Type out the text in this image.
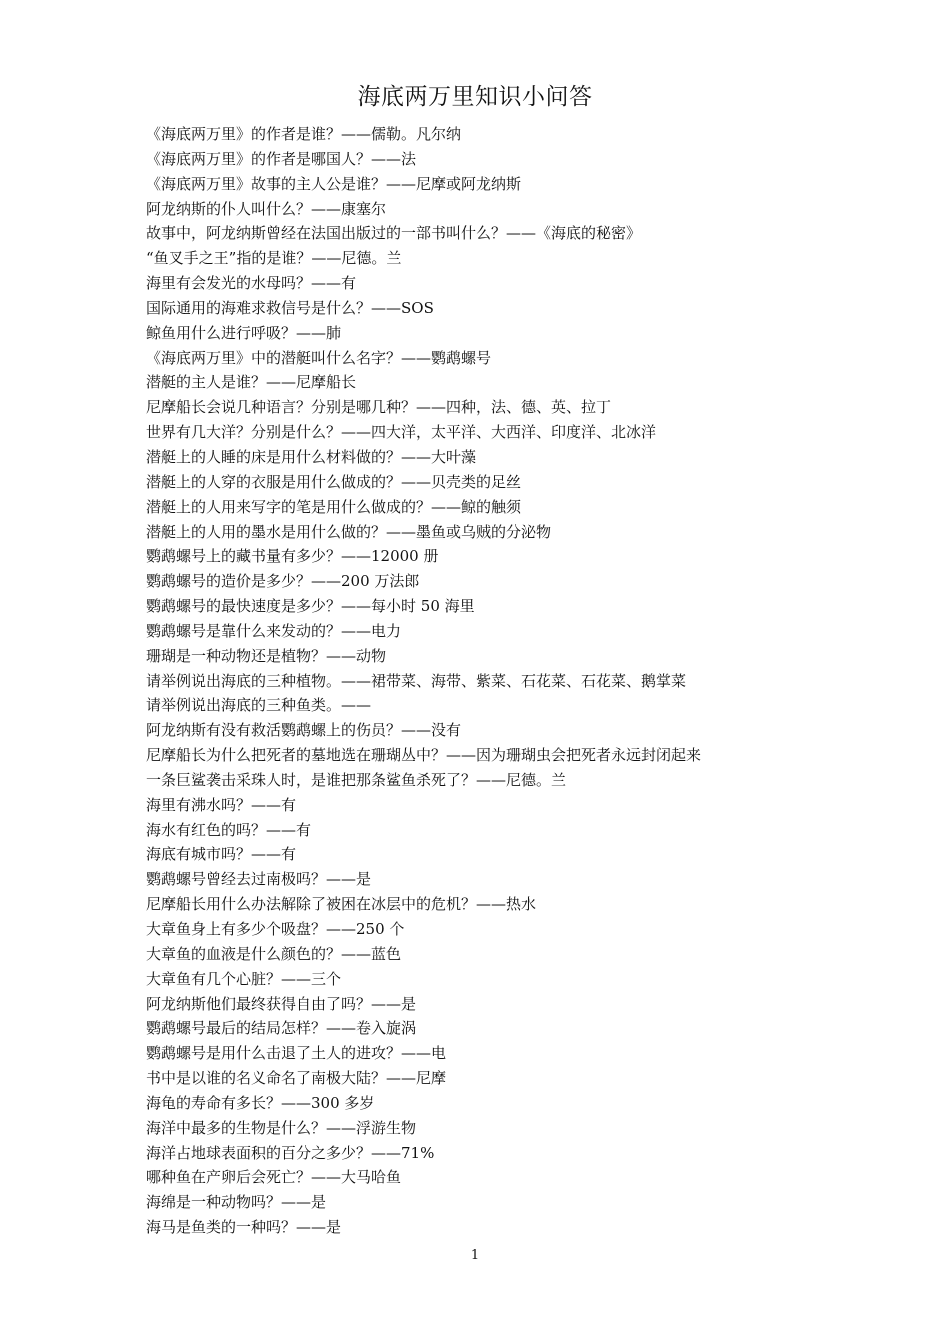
海底两万里知识小问答
《海底两万里》的作者是谁？——儒勒。凡尔纳
《海底两万里》的作者是哪国人？——法
《海底两万里》故事的主人公是谁？——尼摩或阿龙纳斯
阿龙纳斯的仆人叫什么？——康塞尔
故事中，阿龙纳斯曾经在法国出版过的一部书叫什么？——《海底的秘密》
“鱼叉手之王”指的是谁？——尼德。兰
海里有会发光的水母吗？——有
国际通用的海难求救信号是什么？——SOS
鲸鱼用什么进行呼吸？——肺
《海底两万里》中的潜艇叫什么名字？——鹦鹉螺号
潜艇的主人是谁？——尼摩船长
尼摩船长会说几种语言？分别是哪几种？——四种，法、德、英、拉丁
世界有几大洋？分别是什么？——四大洋，太平洋、大西洋、印度洋、北冰洋
潜艇上的人睡的床是用什么材料做的？——大叶藻
潜艇上的人穿的衣服是用什么做成的？——贝壳类的足丝
潜艇上的人用来写字的笔是用什么做成的？——鲸的触须
潜艇上的人用的墨水是用什么做的？——墨鱼或乌贼的分泌物
鹦鹉螺号上的藏书量有多少？——12000 册
鹦鹉螺号的造价是多少？——200 万法郎
鹦鹉螺号的最快速度是多少？——每小时 50 海里
鹦鹉螺号是靠什么来发动的？——电力
珊瑚是一种动物还是植物？——动物
请举例说出海底的三种植物。——裙带菜、海带、紫菜、石花菜、石花菜、鹅掌菜
请举例说出海底的三种鱼类。——
阿龙纳斯有没有救活鹦鹉螺上的伤员？——没有
尼摩船长为什么把死者的墓地选在珊瑚丛中？——因为珊瑚虫会把死者永远封闭起来
一条巨鲨袭击采珠人时，是谁把那条鲨鱼杀死了？——尼德。兰
海里有沸水吗？——有
海水有红色的吗？——有
海底有城市吗？——有
鹦鹉螺号曾经去过南极吗？——是
尼摩船长用什么办法解除了被困在冰层中的危机？——热水
大章鱼身上有多少个吸盘？——250 个
大章鱼的血液是什么颜色的？——蓝色
大章鱼有几个心脏？——三个
阿龙纳斯他们最终获得自由了吗？——是
鹦鹉螺号最后的结局怎样？——卷入旋涡
鹦鹉螺号是用什么击退了土人的进攻？——电
书中是以谁的名义命名了南极大陆？——尼摩
海龟的寿命有多长？——300 多岁
海洋中最多的生物是什么？——浮游生物
海洋占地球表面积的百分之多少？——71%
哪种鱼在产卵后会死亡？——大马哈鱼
海绵是一种动物吗？——是
海马是鱼类的一种吗？——是
1
